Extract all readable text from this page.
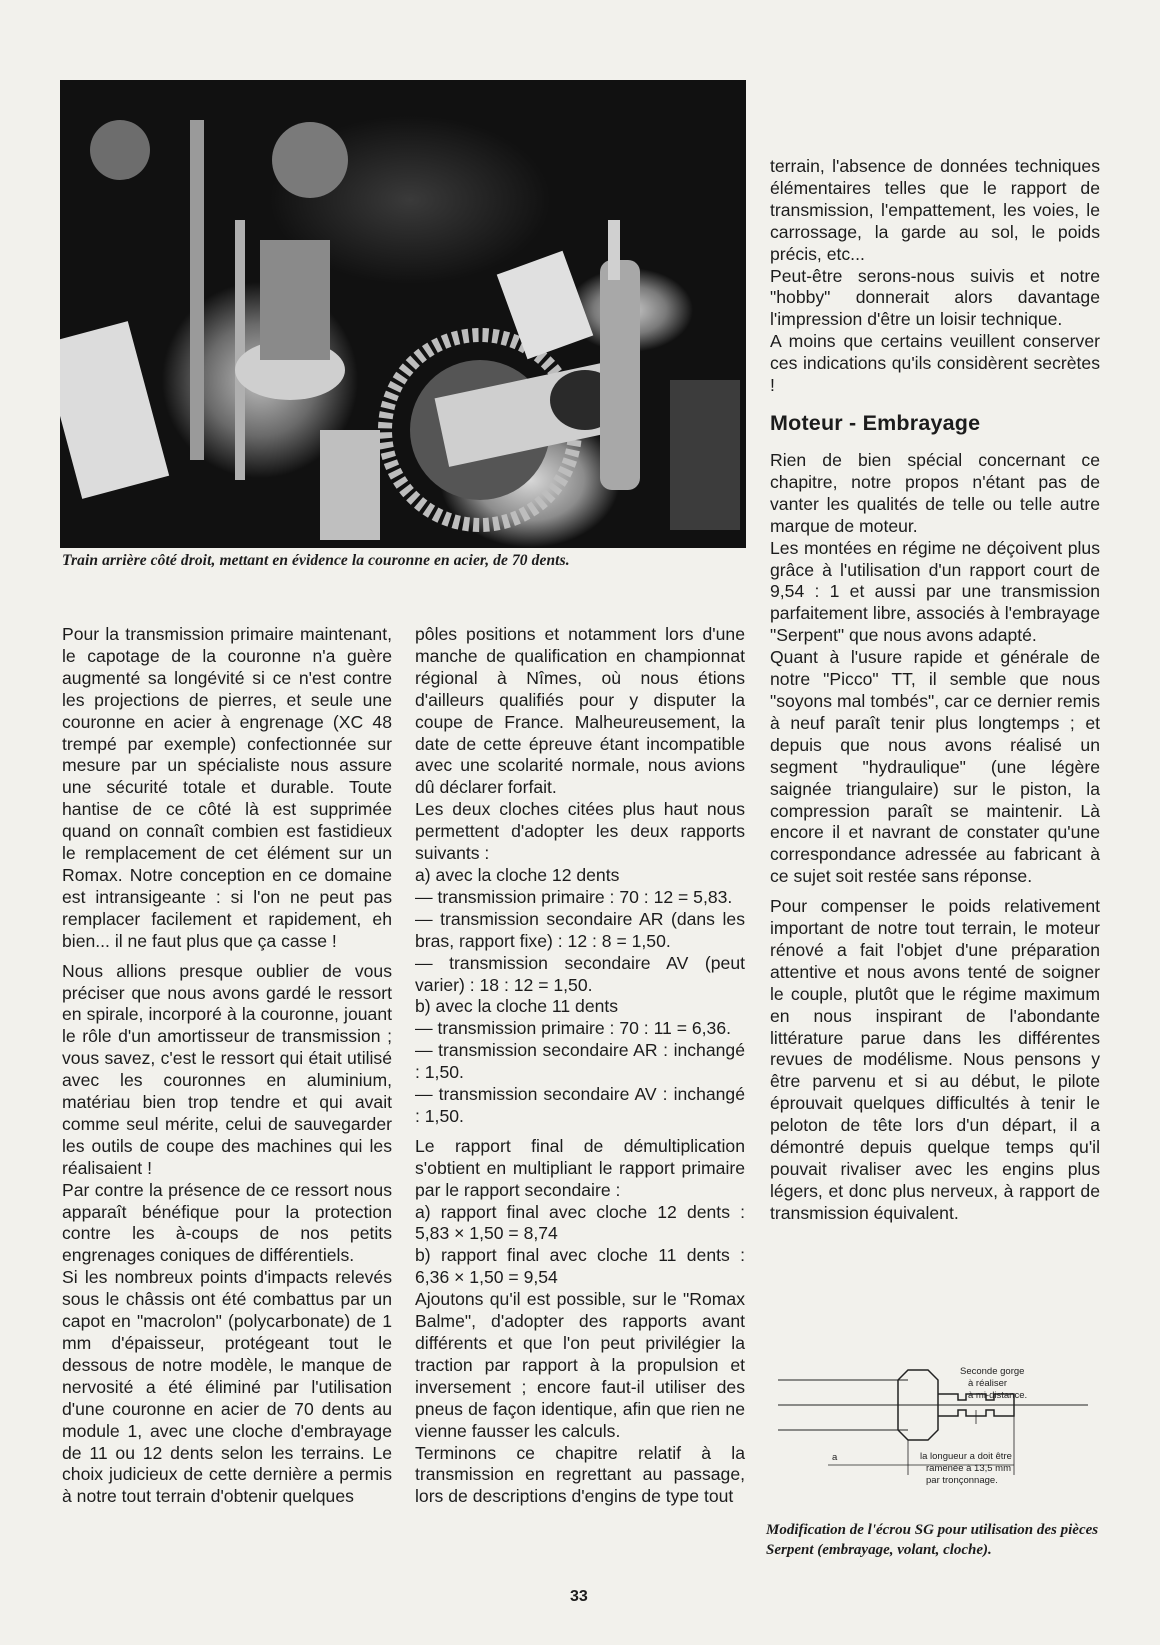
Train arrière côté droit, mettant en évidence la couronne en acier, de 70 dents.

Pour la transmission primaire maintenant, le capotage de la couronne n'a guère augmenté sa longévité si ce n'est contre les projections de pierres, et seule une couronne en acier à engrenage (XC 48 trempé par exemple) confectionnée sur mesure par un spécialiste nous assure une sécurité totale et durable. Toute hantise de ce côté là est supprimée quand on connaît combien est fastidieux le remplacement de cet élément sur un Romax. Notre conception en ce domaine est intransigeante : si l'on ne peut pas remplacer facilement et rapidement, eh bien... il ne faut plus que ça casse !

Nous allions presque oublier de vous préciser que nous avons gardé le ressort en spirale, incorporé à la couronne, jouant le rôle d'un amortisseur de transmission ; vous savez, c'est le ressort qui était utilisé avec les couronnes en aluminium, matériau bien trop tendre et qui avait comme seul mérite, celui de sauvegarder les outils de coupe des machines qui les réalisaient !

Par contre la présence de ce ressort nous apparaît bénéfique pour la protection contre les à-coups de nos petits engrenages coniques de différentiels.

Si les nombreux points d'impacts relevés sous le châssis ont été combattus par un capot en "macrolon" (polycarbonate) de 1 mm d'épaisseur, protégeant tout le dessous de notre modèle, le manque de nervosité a été éliminé par l'utilisation d'une couronne en acier de 70 dents au module 1, avec une cloche d'embrayage de 11 ou 12 dents selon les terrains. Le choix judicieux de cette dernière a permis à notre tout terrain d'obtenir quelques

pôles positions et notamment lors d'une manche de qualification en championnat régional à Nîmes, où nous étions d'ailleurs qualifiés pour y disputer la coupe de France. Malheureusement, la date de cette épreuve étant incompatible avec une scolarité normale, nous avions dû déclarer forfait.

Les deux cloches citées plus haut nous permettent d'adopter les deux rapports suivants :

a) avec la cloche 12 dents

— transmission primaire : 70 : 12 = 5,83.

— transmission secondaire AR (dans les bras, rapport fixe) : 12 : 8 = 1,50.

— transmission secondaire AV (peut varier) : 18 : 12 = 1,50.

b) avec la cloche 11 dents

— transmission primaire : 70 : 11 = 6,36.

— transmission secondaire AR : inchangé : 1,50.

— transmission secondaire AV : inchangé : 1,50.

Le rapport final de démultiplication s'obtient en multipliant le rapport primaire par le rapport secondaire :

a) rapport final avec cloche 12 dents : 5,83 × 1,50 = 8,74

b) rapport final avec cloche 11 dents : 6,36 × 1,50 = 9,54

Ajoutons qu'il est possible, sur le "Romax Balme", d'adopter des rapports avant différents et que l'on peut privilégier la traction par rapport à la propulsion et inversement ; encore faut-il utiliser des pneus de façon identique, afin que rien ne vienne fausser les calculs.

Terminons ce chapitre relatif à la transmission en regrettant au passage, lors de descriptions d'engins de type tout

terrain, l'absence de données techniques élémentaires telles que le rapport de transmission, l'empattement, les voies, le carrossage, la garde au sol, le poids précis, etc...

Peut-être serons-nous suivis et notre "hobby" donnerait alors davantage l'impression d'être un loisir technique.

A moins que certains veuillent conserver ces indications qu'ils considèrent secrètes !

Moteur - Embrayage

Rien de bien spécial concernant ce chapitre, notre propos n'étant pas de vanter les qualités de telle ou telle autre marque de moteur.

Les montées en régime ne déçoivent plus grâce à l'utilisation d'un rapport court de 9,54 : 1 et aussi par une transmission parfaitement libre, associés à l'embrayage "Serpent" que nous avons adapté.

Quant à l'usure rapide et générale de notre "Picco" TT, il semble que nous "soyons mal tombés", car ce dernier remis à neuf paraît tenir plus longtemps ; et depuis que nous avons réalisé un segment "hydraulique" (une légère saignée triangulaire) sur le piston, la compression paraît se maintenir. Là encore il et navrant de constater qu'une correspondance adressée au fabricant à ce sujet soit restée sans réponse.

Pour compenser le poids relativement important de notre tout terrain, le moteur rénové a fait l'objet d'une préparation attentive et nous avons tenté de soigner le couple, plutôt que le régime maximum en nous inspirant de l'abondante littérature parue dans les différentes revues de modélisme. Nous pensons y être parvenu et si au début, le pilote éprouvait quelques difficultés à tenir le peloton de tête lors d'un départ, il a démontré depuis quelque temps qu'il pouvait rivaliser avec les engins plus légers, et donc plus nerveux, à rapport de transmission équivalent.

Seconde gorge
à réaliser
à mi-distance.
a	la longueur a doit être
ramenée à 13,5 mm
par tronçonnage.
Modification de l'écrou SG pour utilisation des pièces Serpent (embrayage, volant, cloche).
33
